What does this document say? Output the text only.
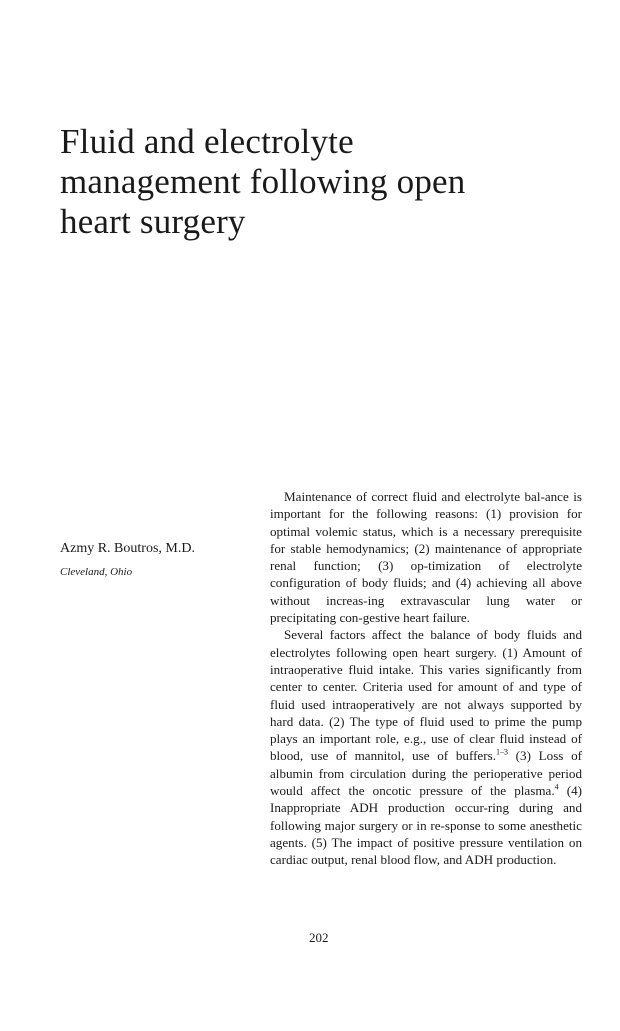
Fluid and electrolyte
management following open
heart surgery
Azmy R. Boutros, M.D.
Cleveland, Ohio

Maintenance of correct fluid and electrolyte bal-ance is important for the following reasons: (1) provision for optimal volemic status, which is a necessary prerequisite for stable hemodynamics; (2) maintenance of appropriate renal function; (3) op-timization of electrolyte configuration of body fluids; and (4) achieving all above without increas-ing extravascular lung water or precipitating con-gestive heart failure.

Several factors affect the balance of body fluids and electrolytes following open heart surgery. (1) Amount of intraoperative fluid intake. This varies significantly from center to center. Criteria used for amount of and type of fluid used intraoperatively are not always supported by hard data. (2) The type of fluid used to prime the pump plays an important role, e.g., use of clear fluid instead of blood, use of mannitol, use of buffers.$^{1-3}$ (3) Loss of albumin from circulation during the perioperative period would affect the oncotic pressure of the plasma.$^4$ (4) Inappropriate ADH production occur-ring during and following major surgery or in re-sponse to some anesthetic agents. (5) The impact of positive pressure ventilation on cardiac output, renal blood flow, and ADH production.

202
